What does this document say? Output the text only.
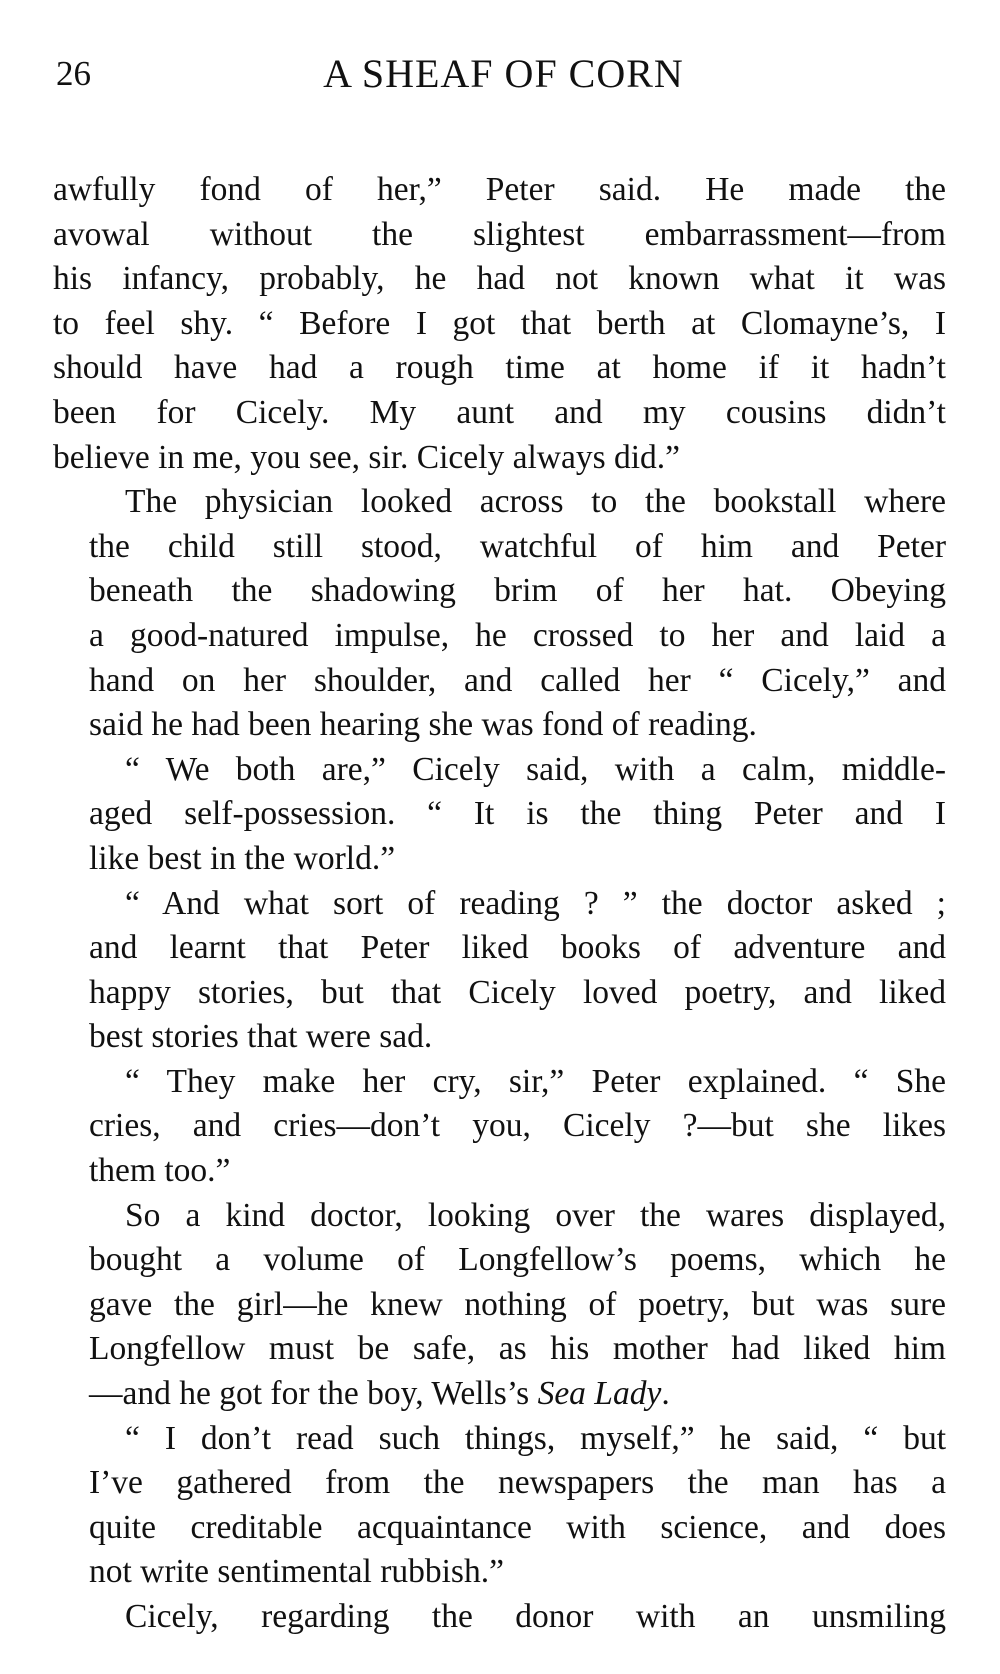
26	A SHEAF OF CORN

awfully fond of her,” Peter said. He made the
avowal without the slightest embarrassment—from
his infancy, probably, he had not known what it was
to feel shy. “ Before I got that berth at Clomayne’s, I
should have had a rough time at home if it hadn’t
been for Cicely. My aunt and my cousins didn’t
believe in me, you see, sir. Cicely always did.”

The physician looked across to the bookstall where
the child still stood, watchful of him and Peter
beneath the shadowing brim of her hat. Obeying
a good-natured impulse, he crossed to her and laid a
hand on her shoulder, and called her “ Cicely,” and
said he had been hearing she was fond of reading.

“ We both are,” Cicely said, with a calm, middle-
aged self-possession. “ It is the thing Peter and I
like best in the world.”

“ And what sort of reading ? ” the doctor asked ;
and learnt that Peter liked books of adventure and
happy stories, but that Cicely loved poetry, and liked
best stories that were sad.

“ They make her cry, sir,” Peter explained. “ She
cries, and cries—don’t you, Cicely ?—but she likes
them too.”

So a kind doctor, looking over the wares displayed,
bought a volume of Longfellow’s poems, which he
gave the girl—he knew nothing of poetry, but was sure
Longfellow must be safe, as his mother had liked him
—and he got for the boy, Wells’s Sea Lady.

“ I don’t read such things, myself,” he said, “ but
I’ve gathered from the newspapers the man has a
quite creditable acquaintance with science, and does
not write sentimental rubbish.”

Cicely, regarding the donor with an unsmiling
